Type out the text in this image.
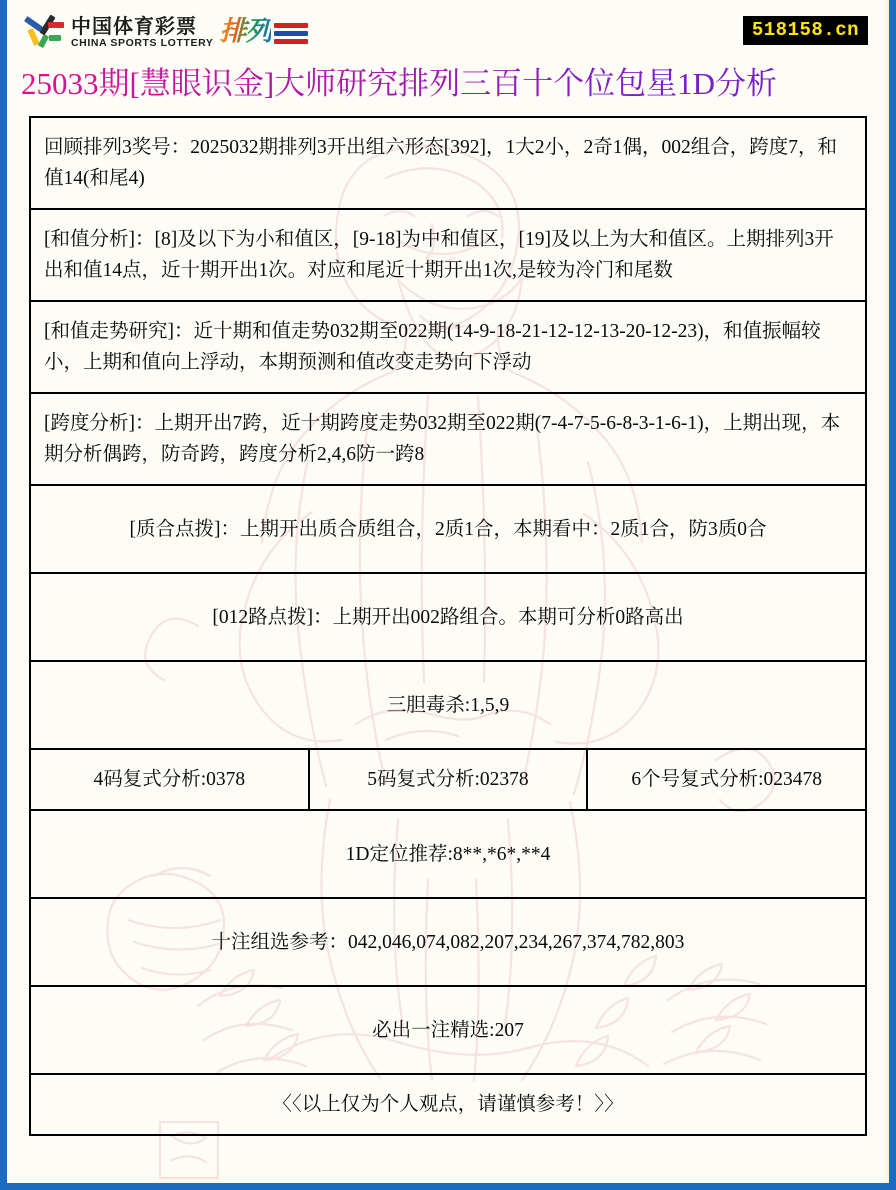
中国体育彩票
CHINA SPORTS LOTTERY 排列	518158.cn
25033期[慧眼识金]大师研究排列三百十个位包星1D分析
回顾排列3奖号：2025032期排列3开出组六形态[392]，1大2小，2奇1偶，002组合，跨度7，和值14(和尾4)
[和值分析]：[8]及以下为小和值区，[9-18]为中和值区，[19]及以上为大和值区。上期排列3开出和值14点，近十期开出1次。对应和尾近十期开出1次,是较为冷门和尾数
[和值走势研究]：近十期和值走势032期至022期(14-9-18-21-12-12-13-20-12-23)，和值振幅较小，上期和值向上浮动，本期预测和值改变走势向下浮动
[跨度分析]：上期开出7跨，近十期跨度走势032期至022期(7-4-7-5-6-8-3-1-6-1)，上期出现，本期分析偶跨，防奇跨，跨度分析2,4,6防一跨8
[质合点拨]：上期开出质合质组合，2质1合，本期看中：2质1合，防3质0合
[012路点拨]：上期开出002路组合。本期可分析0路高出
三胆毒杀:1,5,9
4码复式分析:0378	5码复式分析:02378	6个号复式分析:023478
1D定位推荐:8**,*6*,**4
十注组选参考：042,046,074,082,207,234,267,374,782,803
必出一注精选:207
〈〈以上仅为个人观点，请谨慎参考！〉〉
